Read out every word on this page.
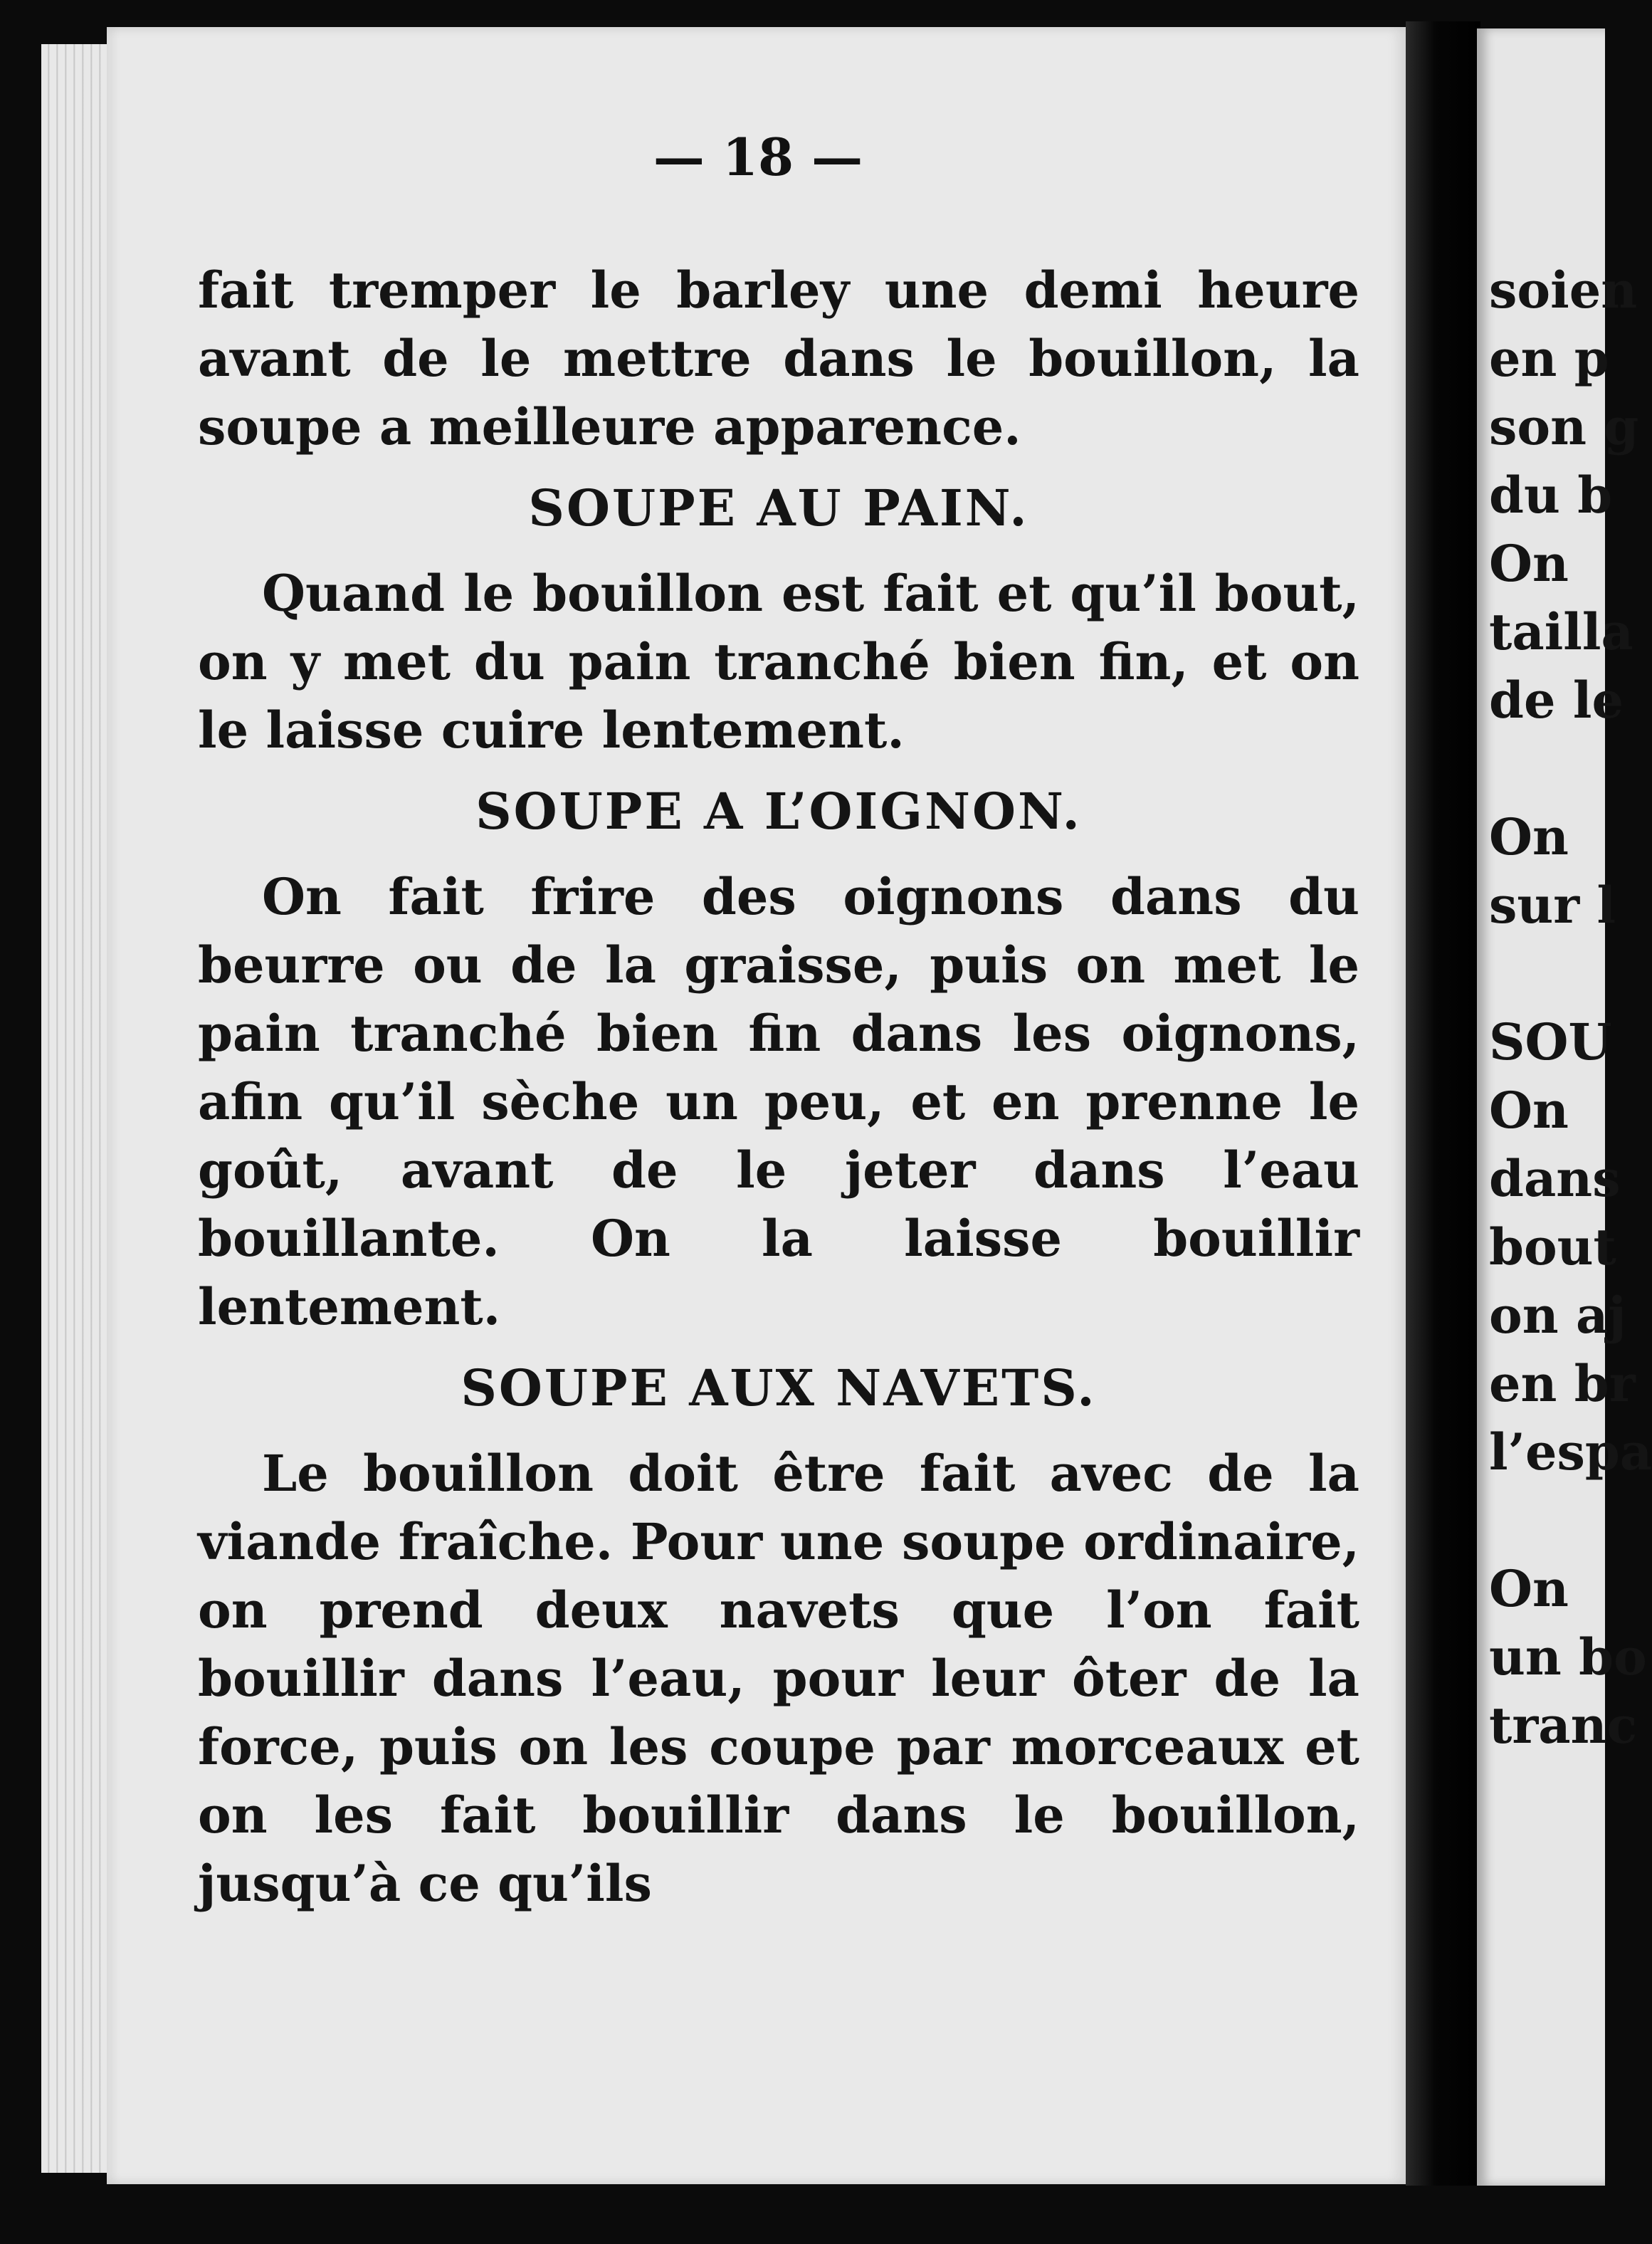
— 18 —

fait tremper le barley une demi heure avant de le mettre dans le bouillon, la soupe a meilleure apparence.

SOUPE AU PAIN.

Quand le bouillon est fait et qu’il bout, on y met du pain tranché bien fin, et on le laisse cuire lentement.

SOUPE A L’OIGNON.

On fait frire des oignons dans du beurre ou de la graisse, puis on met le pain tranché bien fin dans les oignons, afin qu’il sèche un peu, et en prenne le goût, avant de le jeter dans l’eau bouillante. On la laisse bouillir lentement.

SOUPE AUX NAVETS.

Le bouillon doit être fait avec de la viande fraîche. Pour une soupe ordinaire, on prend deux navets que l’on fait bouillir dans l’eau, pour leur ôter de la force, puis on les coupe par morceaux et on les fait bouillir dans le bouillon, jusqu’à ce qu’ils

soien
en p
son g
du b
On
tailla
de le
On
sur l
SOU
On
dans
bout
on aj
en br
l’espa
On
un bo
tranc
